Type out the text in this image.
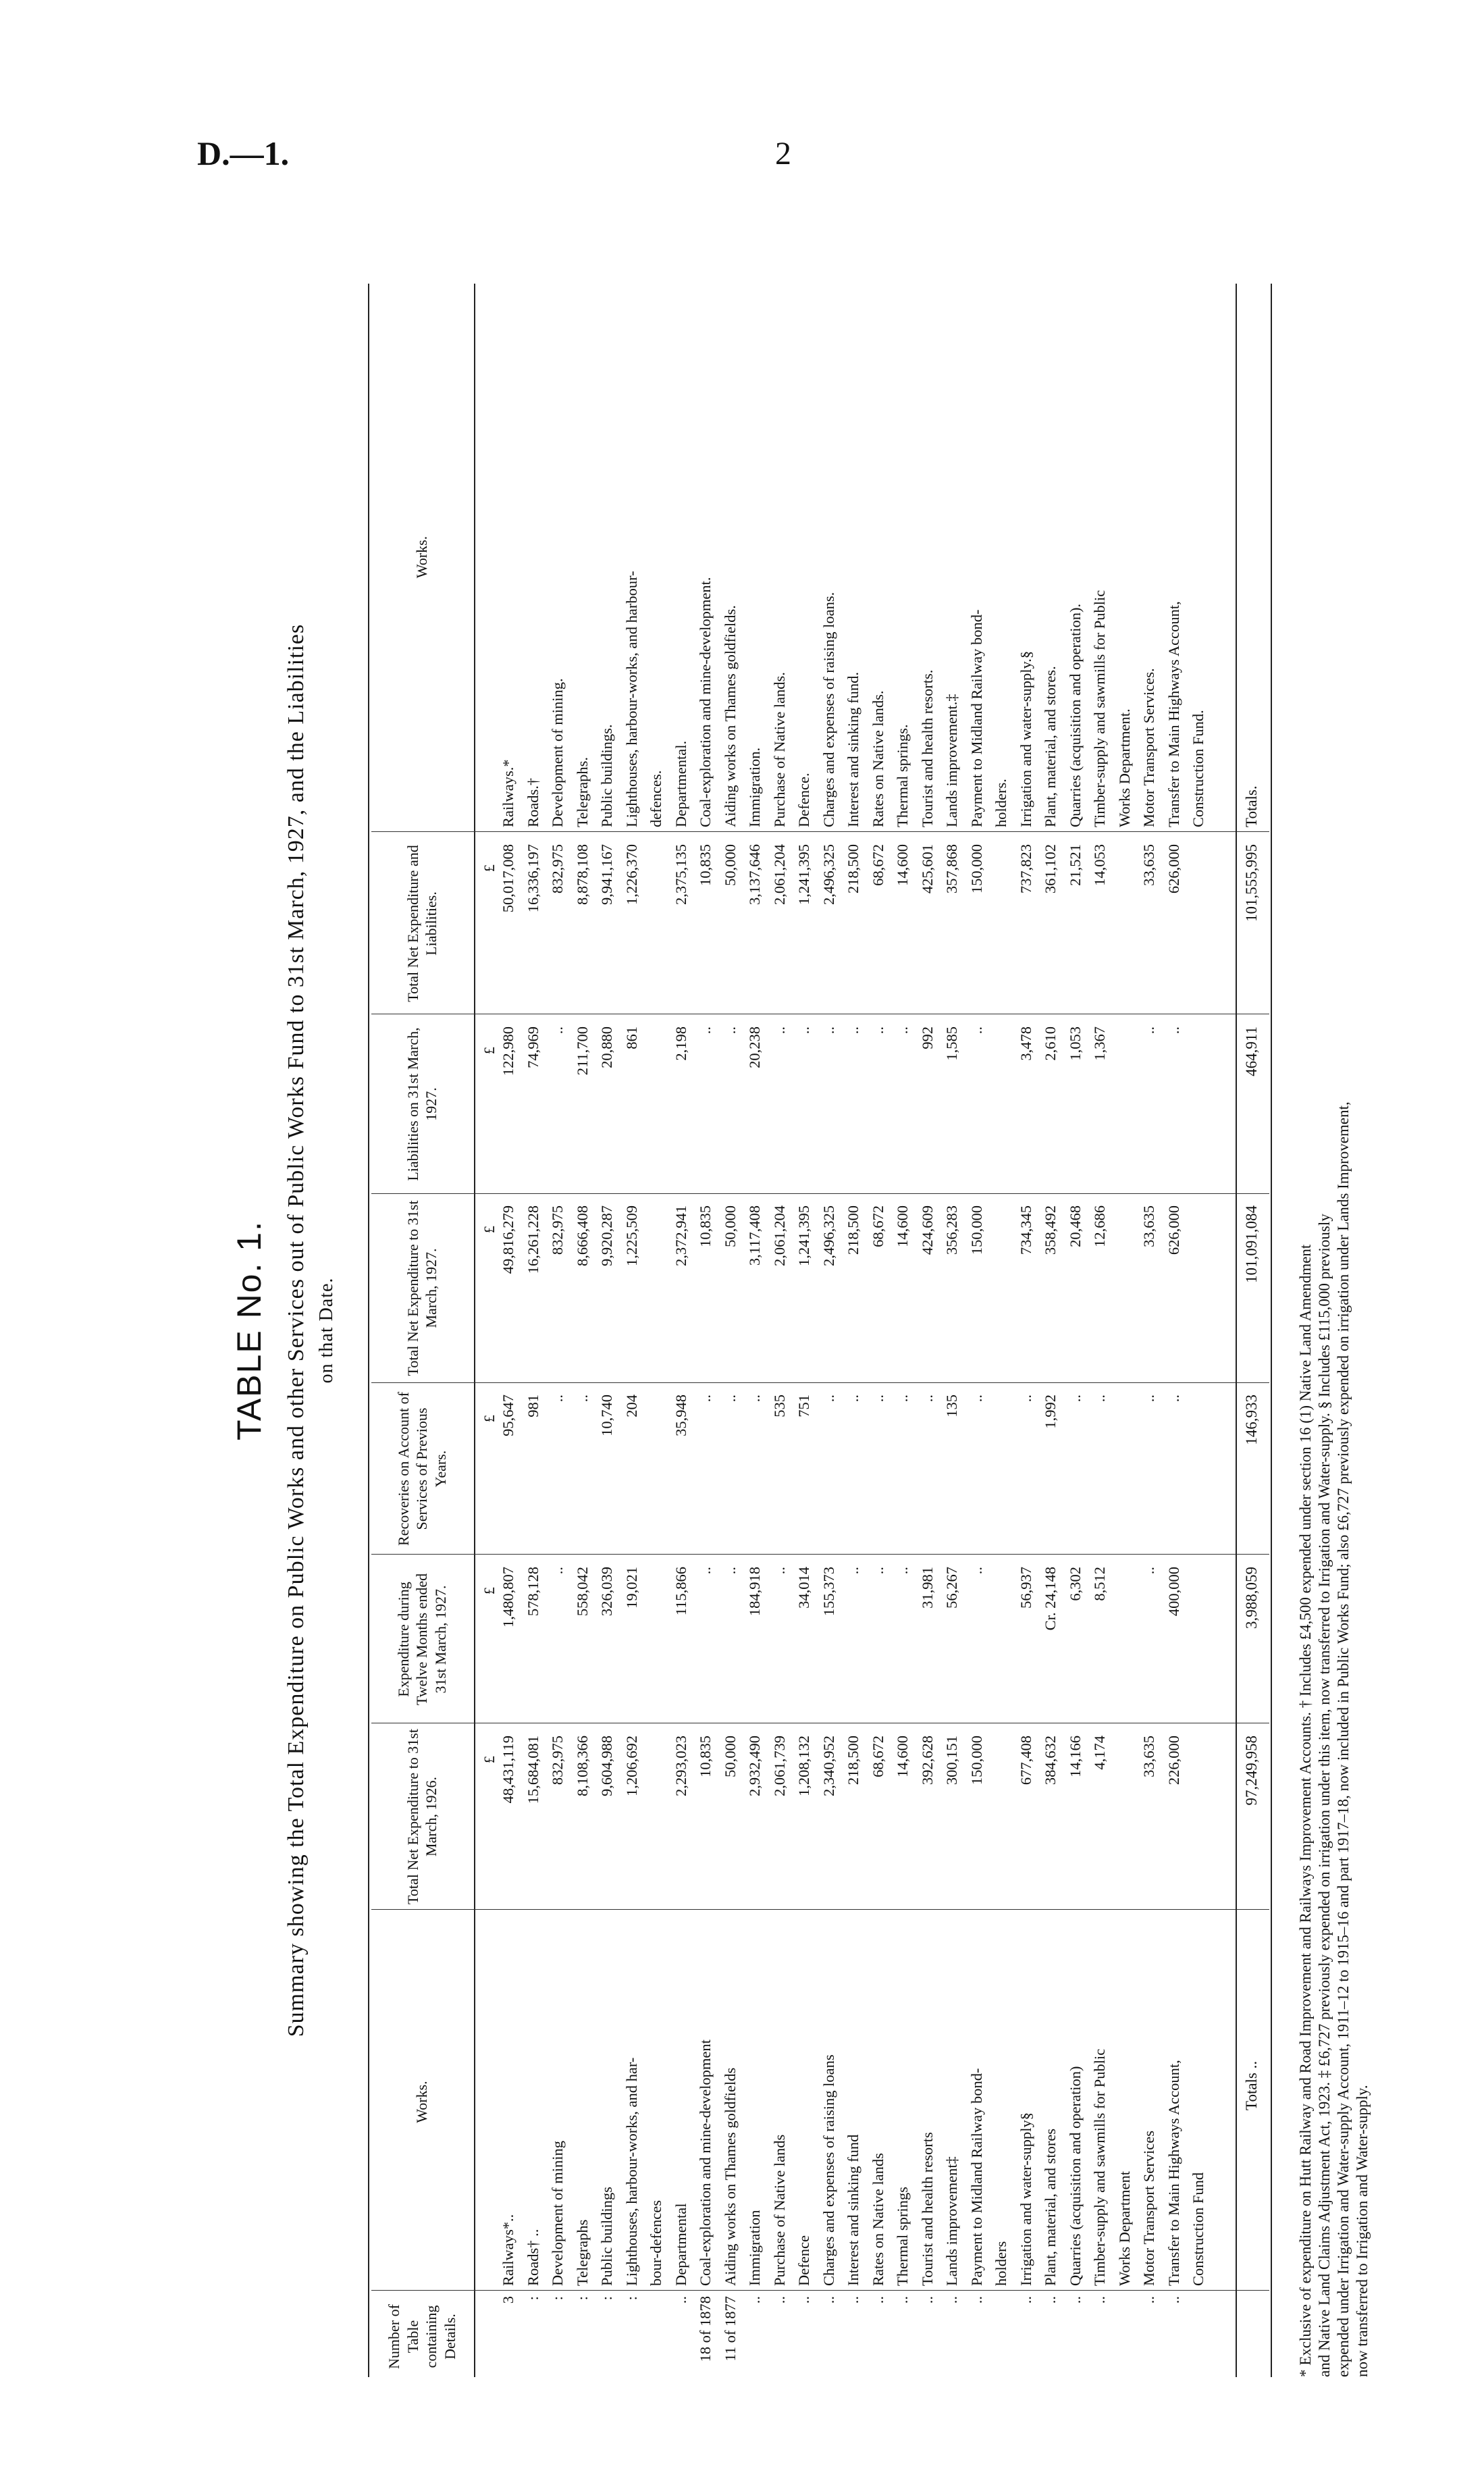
D.—1.	2
TABLE No. 1. Summary showing the Total Expenditure on Public Works and other Services out of Public Works Fund to 31st March, 1927, and the Liabilities on that Date.
Number of Table containing Details.
Works.
Total Net Expenditure to 31st March, 1926.
Expenditure during Twelve Months ended 31st March, 1927.
Recoveries on Account of Services of Previous Years.
Total Net Expenditure to 31st March, 1927.
Liabilities on 31st March, 1927.
Total Net Expenditure and Liabilities.
Works.
£
£
£
£
£
£
3
Railways*..
48,431,119
1,480,807
95,647
49,816,279
122,980
50,017,008
Railways.*
:
Roads† ..
15,684,081
578,128
981
16,261,228
74,969
16,336,197
Roads.†
:
Development of mining
832,975
..
..
832,975
..
832,975
Development of mining.
:
Telegraphs
8,108,366
558,042
..
8,666,408
211,700
8,878,108
Telegraphs.
:
Public buildings
9,604,988
326,039
10,740
9,920,287
20,880
9,941,167
Public buildings.
:
Lighthouses, harbour-works, and har-
1,206,692
19,021
204
1,225,509
861
1,226,370
Lighthouses, harbour-works, and harbour-
bour-defences
defences.
..
Departmental
2,293,023
115,866
35,948
2,372,941
2,198
2,375,135
Departmental.
18 of 1878
Coal-exploration and mine-development
10,835
..
..
10,835
..
10,835
Coal-exploration and mine-development.
11 of 1877
Aiding works on Thames goldfields
50,000
..
..
50,000
..
50,000
Aiding works on Thames goldfields.
..
Immigration
2,932,490
184,918
..
3,117,408
20,238
3,137,646
Immigration.
..
Purchase of Native lands
2,061,739
..
535
2,061,204
..
2,061,204
Purchase of Native lands.
..
Defence
1,208,132
34,014
751
1,241,395
..
1,241,395
Defence.
..
Charges and expenses of raising loans
2,340,952
155,373
..
2,496,325
..
2,496,325
Charges and expenses of raising loans.
..
Interest and sinking fund
218,500
..
..
218,500
..
218,500
Interest and sinking fund.
..
Rates on Native lands
68,672
..
..
68,672
..
68,672
Rates on Native lands.
..
Thermal springs
14,600
..
..
14,600
..
14,600
Thermal springs.
..
Tourist and health resorts
392,628
31,981
..
424,609
992
425,601
Tourist and health resorts.
..
Lands improvement‡
300,151
56,267
135
356,283
1,585
357,868
Lands improvement.‡
..
Payment to Midland Railway bond-
150,000
..
..
150,000
..
150,000
Payment to Midland Railway bond-
holders
holders.
..
Irrigation and water-supply§
677,408
56,937
..
734,345
3,478
737,823
Irrigation and water-supply.§
..
Plant, material, and stores
384,632
Cr. 24,148
1,992
358,492
2,610
361,102
Plant, material, and stores.
..
Quarries (acquisition and operation)
14,166
6,302
..
20,468
1,053
21,521
Quarries (acquisition and operation).
..
Timber-supply and sawmills for Public
4,174
8,512
..
12,686
1,367
14,053
Timber-supply and sawmills for Public
Works Department
Works Department.
..
Motor Transport Services
33,635
..
..
33,635
..
33,635
Motor Transport Services.
..
Transfer to Main Highways Account,
226,000
400,000
..
626,000
..
626,000
Transfer to Main Highways Account,
Construction Fund
Construction Fund.
Totals ..
97,249,958
3,988,059
146,933
101,091,084
464,911
101,555,995
Totals.

* Exclusive of expenditure on Hutt Railway and Road Improvement and Railways Improvement Accounts. † Includes £4,500 expended under section 16 (1) Native Land Amendment and Native Land Claims Adjustment Act, 1923. ‡ £6,727 previously expended on irrigation under this item, now transferred to Irrigation and Water-supply. § Includes £115,000 previously expended under Irrigation and Water-supply Account, 1911–12 to 1915–16 and part 1917–18, now included in Public Works Fund; also £6,727 previously expended on irrigation under Lands Improvement, now transferred to Irrigation and Water-supply.
